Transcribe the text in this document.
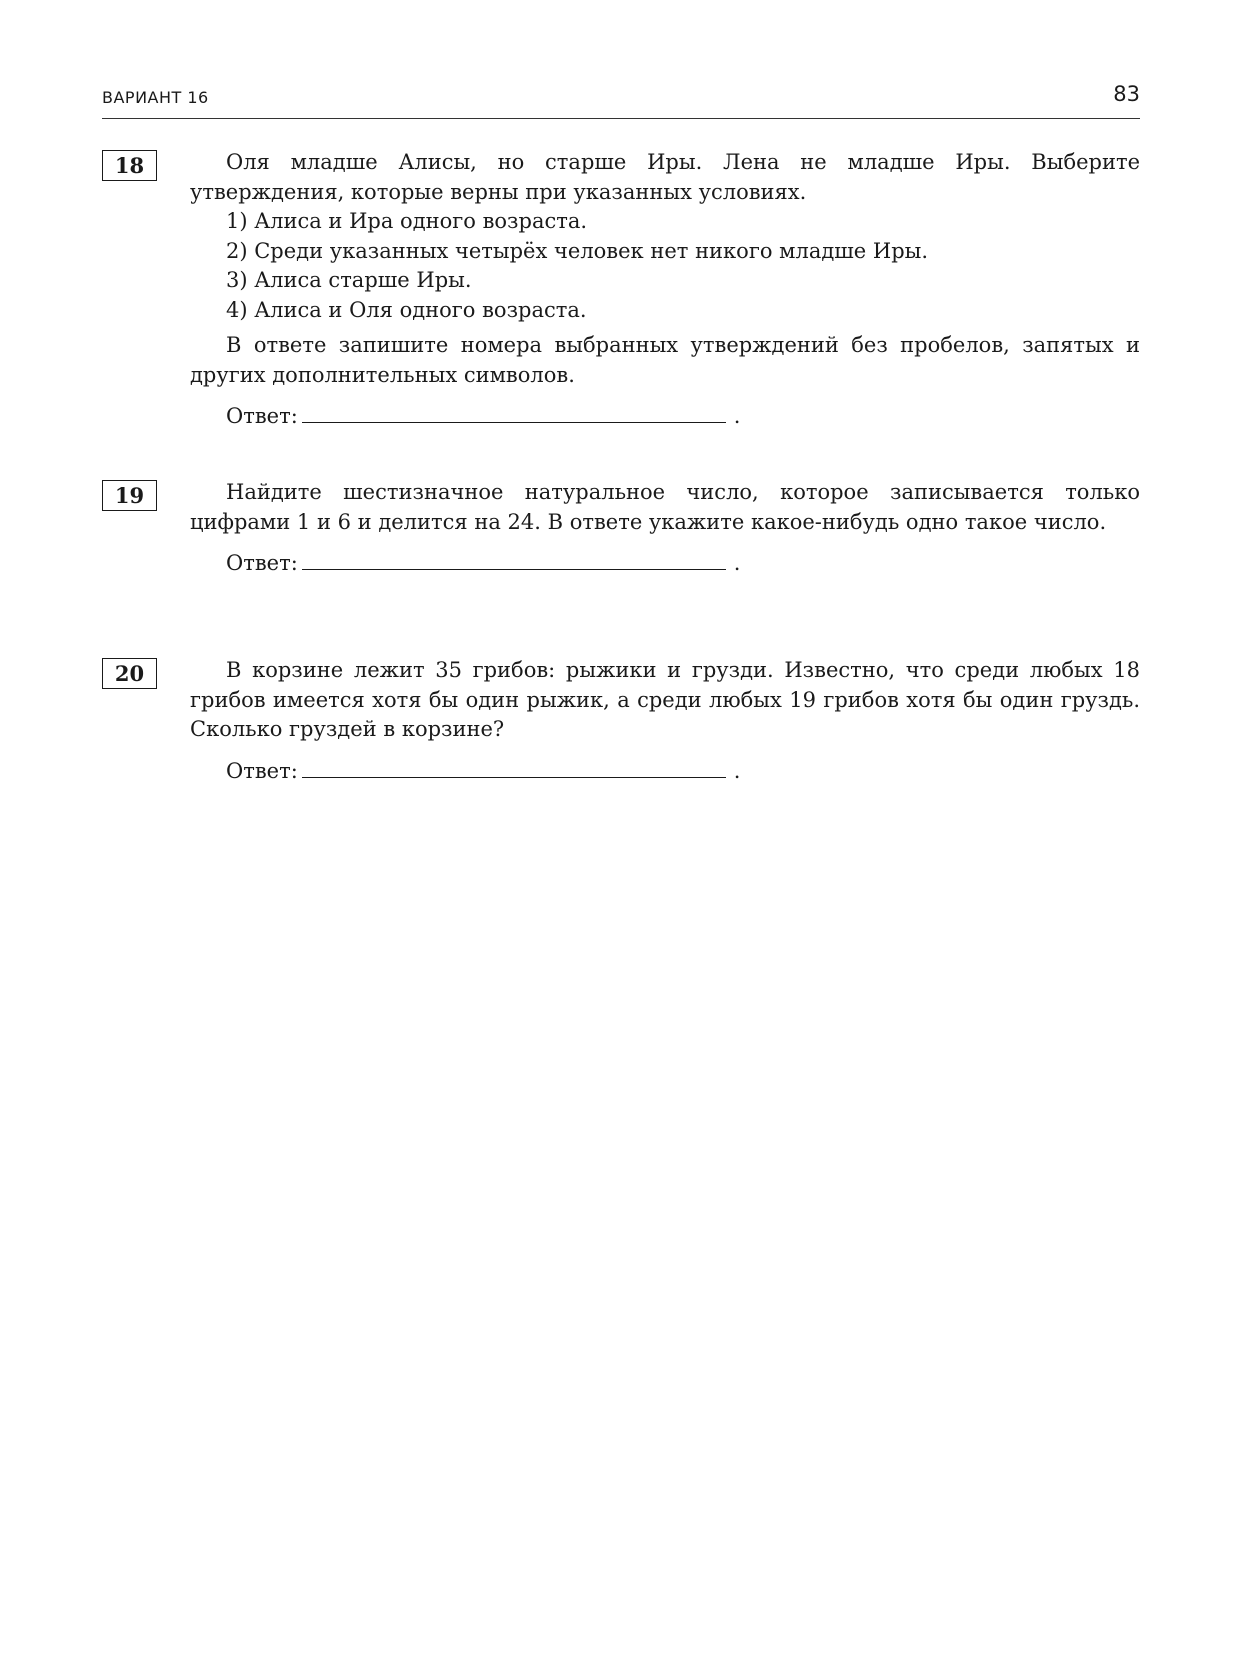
ВАРИАНТ 16	83
18	Оля младше Алисы, но старше Иры. Лена не младше Иры. Выберите утверждения, которые верны при указанных условиях.

1) Алиса и Ира одного возраста.

2) Среди указанных четырёх человек нет никого младше Иры.

3) Алиса старше Иры.

4) Алиса и Оля одного возраста.

В ответе запишите номера выбранных утверждений без пробелов, запятых и других дополнительных символов.

Ответ:	.
19	Найдите шестизначное натуральное число, которое записывается только цифрами 1 и 6 и делится на 24. В ответе укажите какое-нибудь одно такое число.

Ответ:	.
20	В корзине лежит 35 грибов: рыжики и грузди. Известно, что среди любых 18 грибов имеется хотя бы один рыжик, а среди любых 19 грибов хотя бы один груздь. Сколько груздей в корзине?

Ответ:	.
